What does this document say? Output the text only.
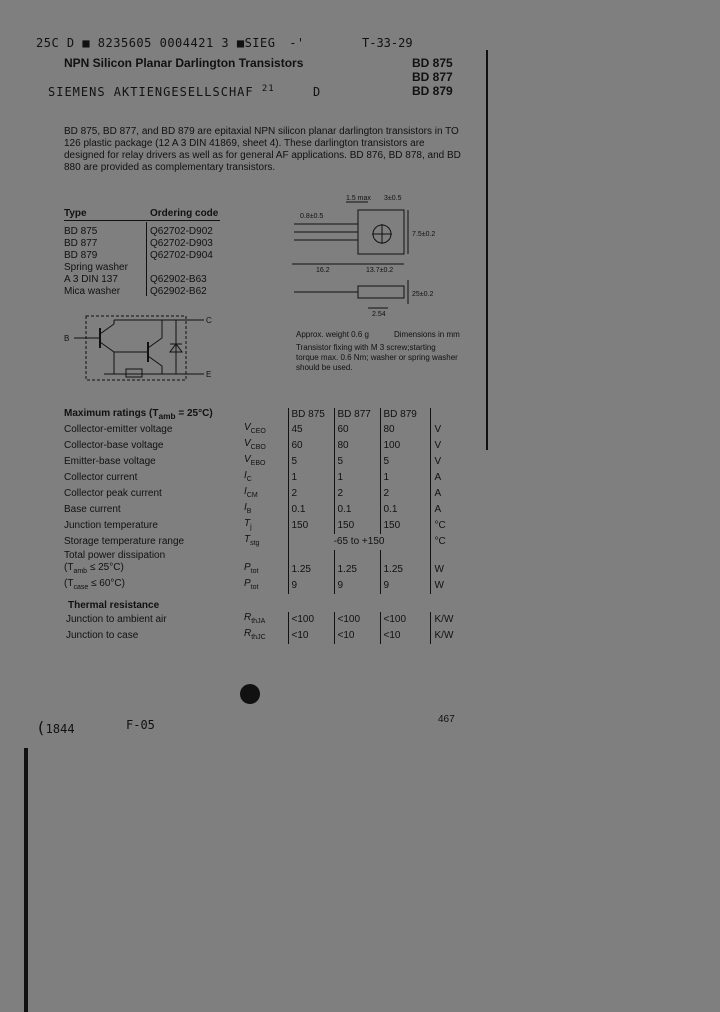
25C D ■ 8235605 0004421 3 ■SIEG -'	T-33-29
NPN Silicon Planar Darlington Transistors	BD 875
BD 877
BD 879
SIEMENS AKTIENGESELLSCHAF $^{21}$	D
BD 875, BD 877, and BD 879 are epitaxial NPN silicon planar darlington transistors in TO 126 plastic package (12 A 3 DIN 41869, sheet 4). These darlington transistors are designed for relay drivers as well as for general AF applications. BD 876, BD 878, and BD 880 are provided as complementary transistors.
Type	Ordering code
BD 875	Q62702-D902
BD 877	Q62702-D903
BD 879	Q62702-D904
Spring washer
A 3 DIN 137	Q62902-B63
Mica washer	Q62902-B62
0.8±0.5
1.5 max 3±0.5
16.2	13.7±0.2
7.5±0.2
2.54
25±0.2
Approx. weight 0.6 g	Dimensions in mm
Transistor fixing with M 3 screw;starting torque max. 0.6 Nm; washer or spring washer should be used.
B
C
E
Maximum ratings $(T_{amb} = 25^\circ C)$		BD 875	BD 877	BD 879	
Collector-emitter voltage	$V_{CEO}$	45	60	80	V
Collector-base voltage	$V_{CBO}$	60	80	100	V
Emitter-base voltage	$V_{EBO}$	5	5	5	V
Collector current	$I_C$	1	1	1	A
Collector peak current	$I_{CM}$	2	2	2	A
Base current	$I_B$	0.1	0.1	0.1	A
Junction temperature	$T_j$	150	150	150	°C
Storage temperature range	$T_{stg}$	-65 to +150			°C
Total power dissipation					
$(T_{amb} \le 25^\circ C)$	$P_{tot}$	1.25	1.25	1.25	W
$(T_{case} \le 60^\circ C)$	$P_{tot}$	9	9	9	W

Thermal resistance					
Junction to ambient air	$R_{thJA}$	<100	<100	<100	K/W
Junction to case	$R_{thJC}$	<10	<10	<10	K/W
(1844	F-05	467
